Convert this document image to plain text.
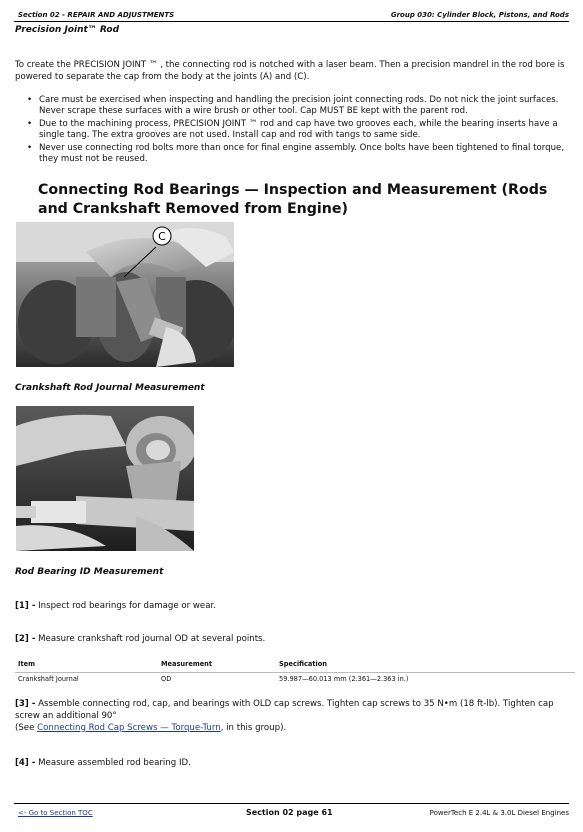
Section 02 - REPAIR AND ADJUSTMENTS	Group 030: Cylinder Block, Pistons, and Rods
Precision Joint™ Rod
To create the PRECISION JOINT ™ , the connecting rod is notched with a laser beam. Then a precision mandrel in the rod bore is powered to separate the cap from the body at the joints (A) and (C).
• Care must be exercised when inspecting and handling the precision joint connecting rods. Do not nick the joint surfaces. Never scrape these surfaces with a wire brush or other tool. Cap MUST BE kept with the parent rod.
• Due to the machining process, PRECISION JOINT ™ rod and cap have two grooves each, while the bearing inserts have a single tang. The extra grooves are not used. Install cap and rod with tangs to same side.
• Never use connecting rod bolts more than once for final engine assembly. Once bolts have been tightened to final torque, they must not be reused.
Connecting Rod Bearings — Inspection and Measurement (Rods and Crankshaft Removed from Engine)
C
Crankshaft Rod Journal Measurement
Rod Bearing ID Measurement
[1] - Inspect rod bearings for damage or wear.
[2] - Measure crankshaft rod journal OD at several points.
Item	Measurement	Specification
Crankshaft Journal	OD	59.987—60.013 mm (2.361—2.363 in.)
[3] - Assemble connecting rod, cap, and bearings with OLD cap screws. Tighten cap screws to 35 N•m (18 ft-lb). Tighten cap screw an additional 90°
(See Connecting Rod Cap Screws — Torque-Turn, in this group).
[4] - Measure assembled rod bearing ID.
<- Go to Section TOC	Section 02 page 61	PowerTech E 2.4L & 3.0L Diesel Engines
